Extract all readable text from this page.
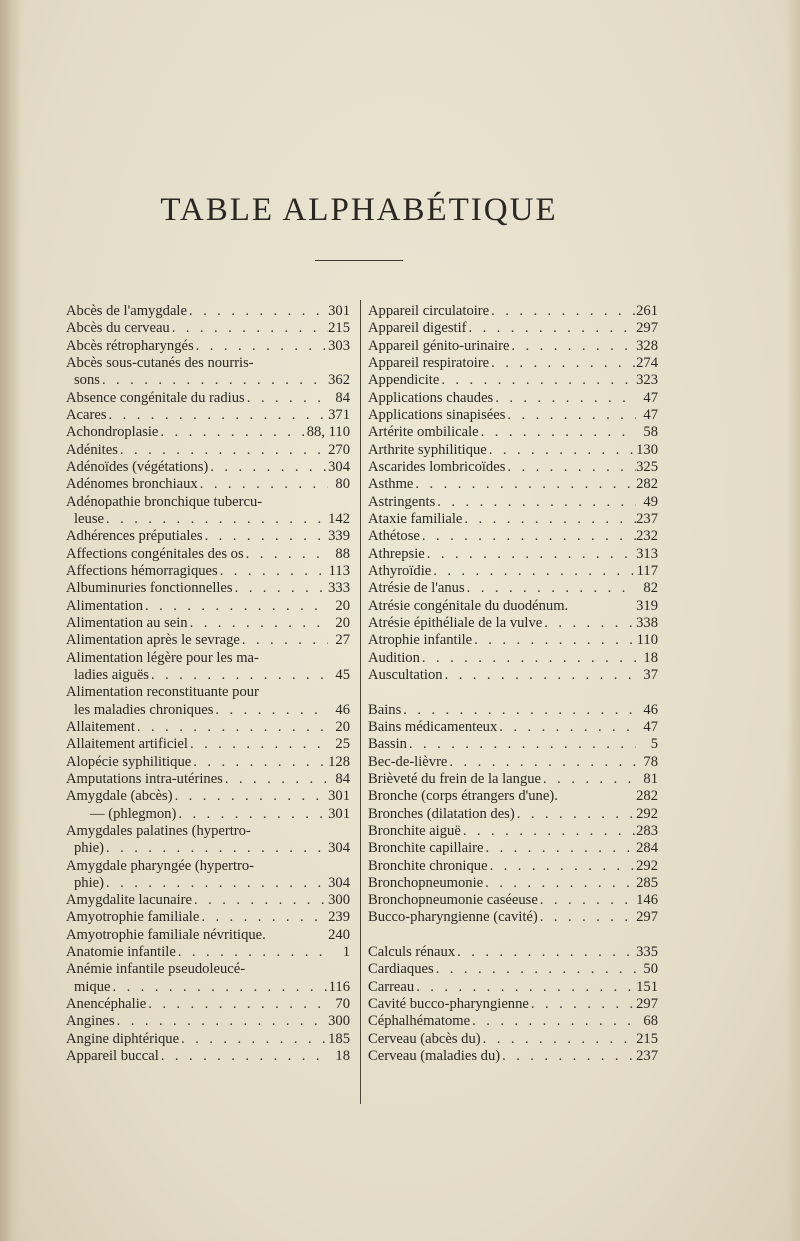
TABLE ALPHABÉTIQUE
Abcès de l'amygdale . . .	301
Abcès du cerveau . . .	215
Abcès rétropharyngés . . .	303
Abcès sous-cutanés des nourris-
sons . . .	362
Absence congénitale du radius . . .	84
Acares . . .	371
Achondroplasie . . .	88, 110
Adénites . . .	270
Adénoïdes (végétations) . . .	304
Adénomes bronchiaux . . .	80
Adénopathie bronchique tubercu-
leuse . . .	142
Adhérences préputiales . . .	339
Affections congénitales des os . . .	88
Affections hémorragiques . . .	113
Albuminuries fonctionnelles . . .	333
Alimentation . . .	20
Alimentation au sein . . .	20
Alimentation après le sevrage . . .	27
Alimentation légère pour les ma-
ladies aiguës . . .	45
Alimentation reconstituante pour
les maladies chroniques . . .	46
Allaitement . . .	20
Allaitement artificiel . . .	25
Alopécie syphilitique . . .	128
Amputations intra-utérines . . .	84
Amygdale (abcès) . . .	301
— (phlegmon) . . .	301
Amygdales palatines (hypertro-
phie) . . .	304
Amygdale pharyngée (hypertro-
phie) . . .	304
Amygdalite lacunaire . . .	300
Amyotrophie familiale . . .	239
Amyotrophie familiale névritique.	240
Anatomie infantile . . .	1
Anémie infantile pseudoleucé-
mique . . .	116
Anencéphalie . . .	70
Angines . . .	300
Angine diphtérique . . .	185
Appareil buccal . . .	18
Appareil circulatoire . . .	261
Appareil digestif . . .	297
Appareil génito-urinaire . . .	328
Appareil respiratoire . . .	274
Appendicite . . .	323
Applications chaudes . . .	47
Applications sinapisées . . .	47
Artérite ombilicale . . .	58
Arthrite syphilitique . . .	130
Ascarides lombricoïdes . . .	325
Asthme . . .	282
Astringents . . .	49
Ataxie familiale . . .	237
Athétose . . .	232
Athrepsie . . .	313
Athyroïdie . . .	117
Atrésie de l'anus . . .	82
Atrésie congénitale du duodénum.	319
Atrésie épithéliale de la vulve . . .	338
Atrophie infantile . . .	110
Audition . . .	18
Auscultation . . .	37
Bains . . .	46
Bains médicamenteux . . .	47
Bassin . . .	5
Bec-de-lièvre . . .	78
Brièveté du frein de la langue . . .	81
Bronche (corps étrangers d'une).	282
Bronches (dilatation des) . . .	292
Bronchite aiguë . . .	283
Bronchite capillaire . . .	284
Bronchite chronique . . .	292
Bronchopneumonie . . .	285
Bronchopneumonie caséeuse . . .	146
Bucco-pharyngienne (cavité) . . .	297
Calculs rénaux . . .	335
Cardiaques . . .	50
Carreau . . .	151
Cavité bucco-pharyngienne . . .	297
Céphalhématome . . .	68
Cerveau (abcès du) . . .	215
Cerveau (maladies du) . . .	237
